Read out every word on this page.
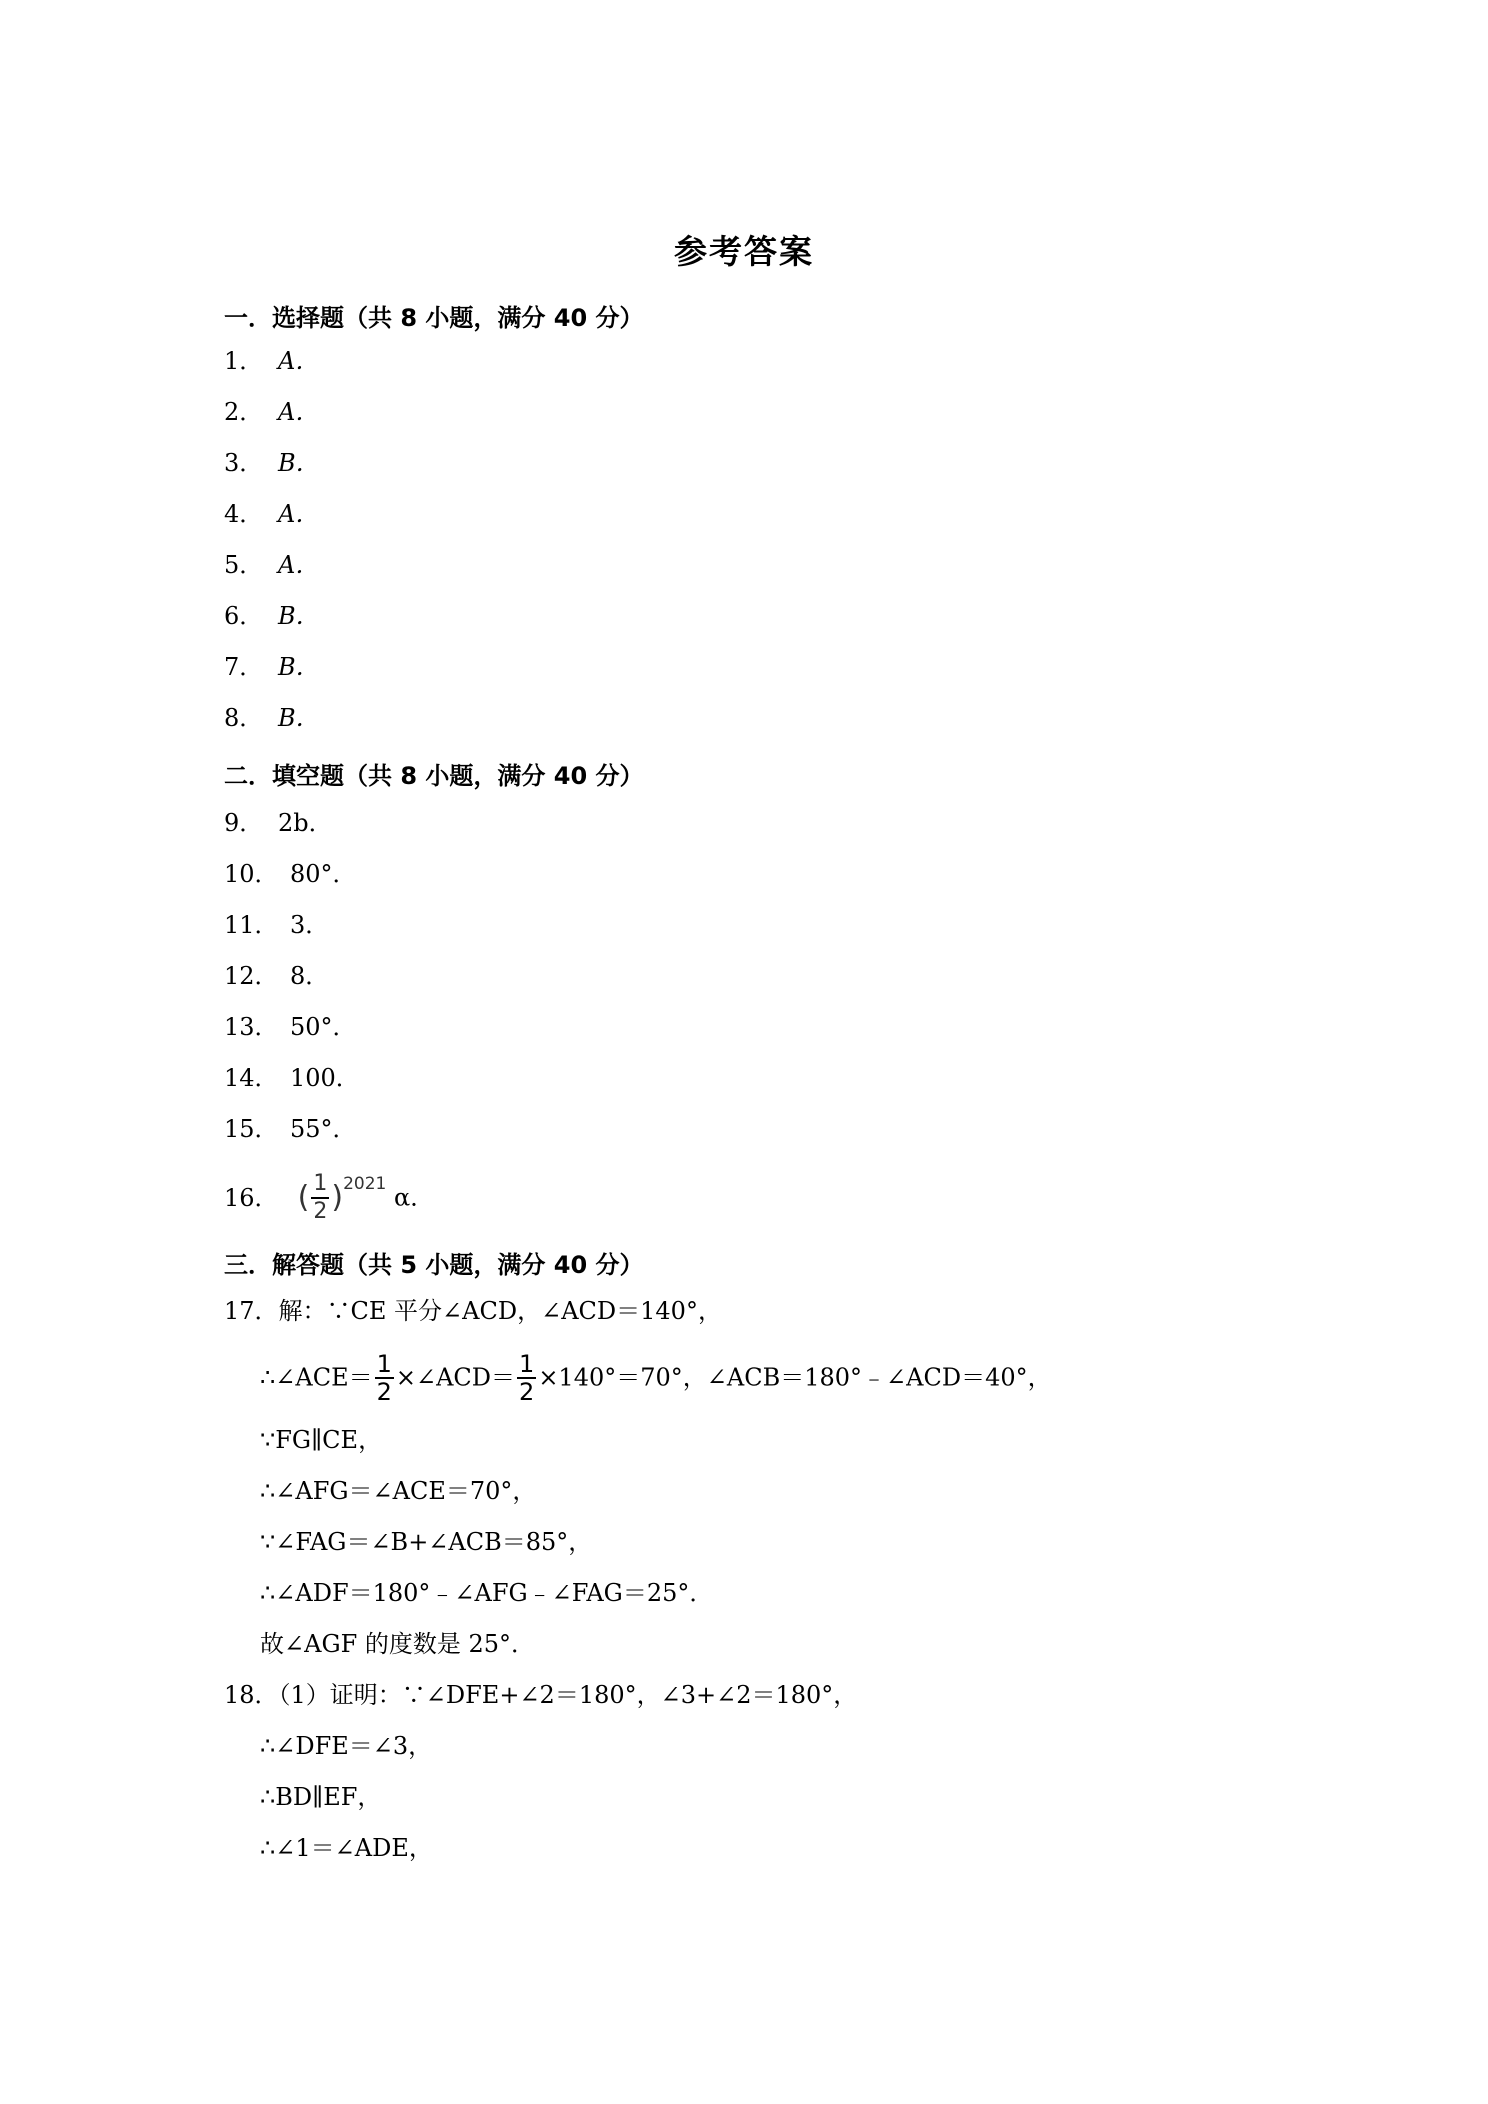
参考答案
一．选择题（共 8 小题，满分 40 分）
1． A．
2． A．
3． B．
4． A．
5． A．
6． B．
7． B．
8． B．
二．填空题（共 8 小题，满分 40 分）
9． 2b．
10． 80°．
11． 3．
12． 8．
13． 50°．
14． 100．
15． 55°．
16． ( $\frac{1}{2} )^{2021}$ α．
三．解答题（共 5 小题，满分 40 分）
17．解：∵CE 平分∠ACD，∠ACD＝140°，
∴∠ACE＝ $\frac{1}{2}$ ×∠ACD＝ $\frac{1}{2} \times 140^\circ=70^\circ$，∠ACB＝180°﹣∠ACD＝40°，
∵FG∥CE，
∴∠AFG＝∠ACE＝70°，
∵∠FAG＝∠B+∠ACB＝85°，
∴∠ADF＝180°﹣∠AFG﹣∠FAG＝25°．
故∠AGF 的度数是 25°．
18．（1）证明：∵∠DFE+∠2＝180°，∠3+∠2＝180°，
∴∠DFE＝∠3，
∴BD∥EF，
∴∠1＝∠ADE，
